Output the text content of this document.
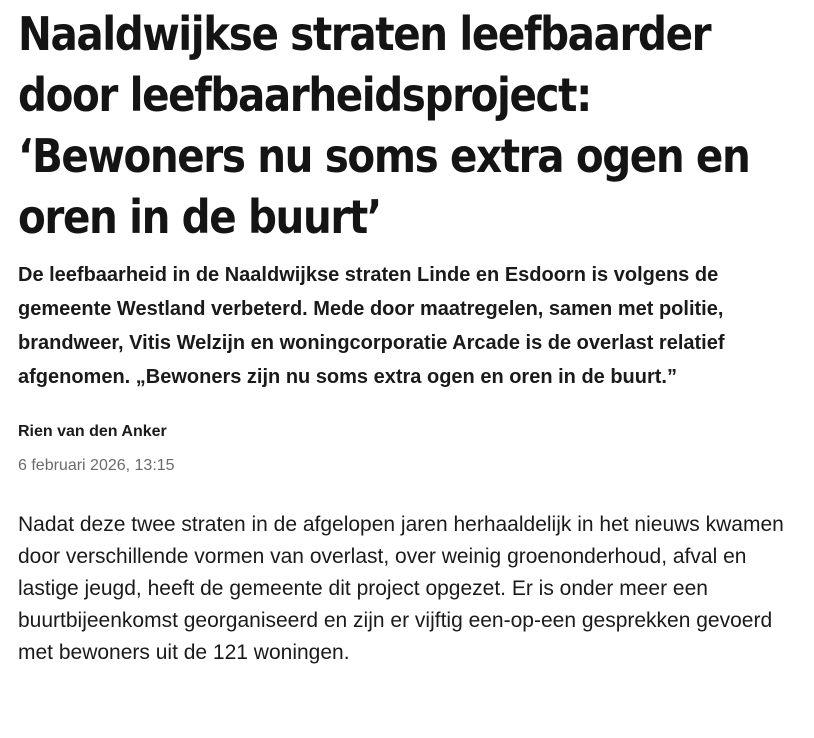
Naaldwijkse straten leefbaarder door leefbaarheidsproject: ‘Bewoners nu soms extra ogen en oren in de buurt’

De leefbaarheid in de Naaldwijkse straten Linde en Esdoorn is volgens de gemeente Westland verbeterd. Mede door maatregelen, samen met politie, brandweer, Vitis Welzijn en woningcorporatie Arcade is de overlast relatief afgenomen. „Bewoners zijn nu soms extra ogen en oren in de buurt.”

Rien van den Anker
6 februari 2026, 13:15

Nadat deze twee straten in de afgelopen jaren herhaaldelijk in het nieuws kwamen door verschillende vormen van overlast, over weinig groenonderhoud, afval en lastige jeugd, heeft de gemeente dit project opgezet. Er is onder meer een buurtbijeenkomst georganiseerd en zijn er vijftig een-op-een gesprekken gevoerd met bewoners uit de 121 woningen.
